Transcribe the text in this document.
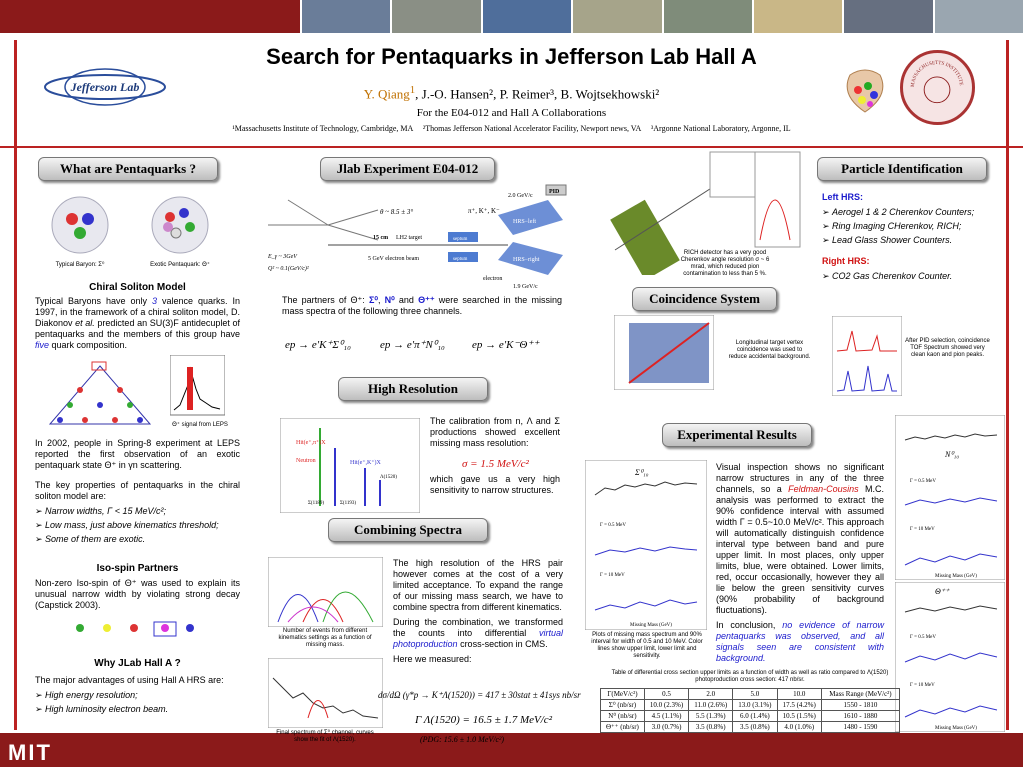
MIT
Jefferson Lab	MASSACHUSETTS INSTITUTE
Search for Pentaquarks in Jefferson Lab Hall A
Y. Qiang$^1$, J.-O. Hansen², P. Reimer³, B. Wojtsekhowski²
For the E04-012 and Hall A Collaborations
¹Massachusetts Institute of Technology, Cambridge, MA     ²Thomas Jefferson National Accelerator Facility, Newport news, VA     ³Argonne National Laboratory, Argonne, IL
What are Pentaquarks ?
Typical Baryon: Σ⁰	Exotic Pentaquark: Θ⁺
Chiral Soliton Model

Typical Baryons have only 3 valence quarks. In 1997, in the framework of a chiral soliton model, D. Diakonov et al. predicted an SU(3)F antidecuplet of pentaquarks and the members of this group have five quark composition.

Θ⁺ signal from LEPS

In 2002, people in Spring-8 experiment at LEPS reported the first observation of an exotic pentaquark state Θ⁺ in γn scattering.

The key properties of pentaquarks in the chiral soliton model are:

➢ Narrow widths, Γ < 15 MeV/c²;
➢ Low mass, just above kinematics threshold;
➢ Some of them are exotic.
Iso-spin Partners

Non-zero Iso-spin of Θ⁺ was used to explain its unusual narrow width by violating strong decay (Capstick 2003).

Why JLab Hall A ?

The major advantages of using Hall A HRS are:

➢ High energy resolution;
➢ High luminosity electron beam.
Jlab Experiment E04-012
θ ~ 8.5 ± 3°	π⁺, K⁺, K⁻
E_γ ~ 3GeV
Q² ~ 0.1(GeV/c)²
15 cm LH2 target
5 GeV electron beam
septum
septum
HRS−left
HRS−right
PID
2.0 GeV/c
1.9 GeV/c
electron

The partners of Θ⁺: Σ⁰, N⁰ and Θ⁺⁺ were searched in the missing mass spectra of the following three channels.

ep → e′K⁺Σ⁰₁₀	ep → e′π⁺N⁰₁₀ ep → e′K⁻Θ⁺⁺
High Resolution
Hit(e⁺,π⁺)X
Neutron	Hit(e⁺,K⁺)X
Σ(1189)	Σ(1193)
Λ(1520)

The calibration from n, Λ and Σ productions showed excellent missing mass resolution:

σ = 1.5 MeV/c²

which gave us a very high sensitivity to narrow structures.

Combining Spectra
Number of events from different kinematics settings as a function of missing mass.
Final spectrum of Σ⁰ channel, curves show the fit of Λ(1520).

The high resolution of the HRS pair however comes at the cost of a very limited acceptance. To expand the range of our missing mass search, we have to combine spectra from different kinematics.

During the combination, we transformed the counts into differential virtual photoproduction cross-section in CMS.

Here we measured:

dσ/dΩ (γ*p → K⁺Λ(1520)) = 417 ± 30stat ± 41sys nb/sr
Γ Λ(1520) = 16.5 ± 1.7 MeV/c²
(PDG: 15.6 ± 1.0 MeV/c²)
RICH detector has a very good Cherenkov angle resolution σ ~ 6 mrad, which reduced pion contamination to less than 5 %.
Coincidence System
Longitudinal target vertex coincidence was used to reduce accidental background.
Particle Identification

Left HRS:

➢ Aerogel 1 & 2 Cherenkov Counters;
➢ Ring Imaging CHerenkov, RICH;
➢ Lead Glass Shower Counters.

Right HRS:

➢ CO2 Gas Cherenkov Counter.
After PID selection, coincidence TOF Spectrum showed very clean kaon and pion peaks.
Experimental Results
Σ⁰₁₀
Γ = 0.5 MeV
Γ = 10 MeV
Missing Mass (GeV)
Plots of missing mass spectrum and 90% interval for width of 0.5 and 10 MeV. Color lines show upper limit, lower limit and sensitivity.

Visual inspection shows no significant narrow structures in any of the three channels, so a Feldman-Cousins M.C. analysis was performed to extract the 90% confidence interval with assumed width Γ = 0.5~10.0 MeV/c². This approach will automatically distinguish confidence interval type between band and pure upper limit. In most places, only upper limits, blue, were obtained. Lower limits, red, occur occasionally, however they all lie below the green sensitivity curves (90% probability of background fluctuations).

In conclusion, no evidence of narrow pentaquarks was observed, and all signals seen are consistent with background.

N⁰₁₀
Γ = 0.5 MeV
Γ = 10 MeV
Missing Mass (GeV)
Θ⁺⁺
Γ = 0.5 MeV
Γ = 10 MeV
Missing Mass (GeV)
Table of differential cross section upper limits as a function of width as well as ratio compared to Λ(1520) photoproduction cross section: 417 nb/sr.
Γ(MeV/c²)	0.5	2.0	5.0	10.0	Mass Range (MeV/c²)
Σ⁰ (nb/sr)	10.0 (2.3%)	11.0 (2.6%)	13.0 (3.1%)	17.5 (4.2%)	1550 - 1810
N⁰ (nb/sr)	4.5 (1.1%)	5.5 (1.3%)	6.0 (1.4%)	10.5 (1.5%)	1610 - 1880
Θ⁺⁺ (nb/sr)	3.0 (0.7%)	3.5 (0.8%)	3.5 (0.8%)	4.0 (1.0%)	1480 - 1590
